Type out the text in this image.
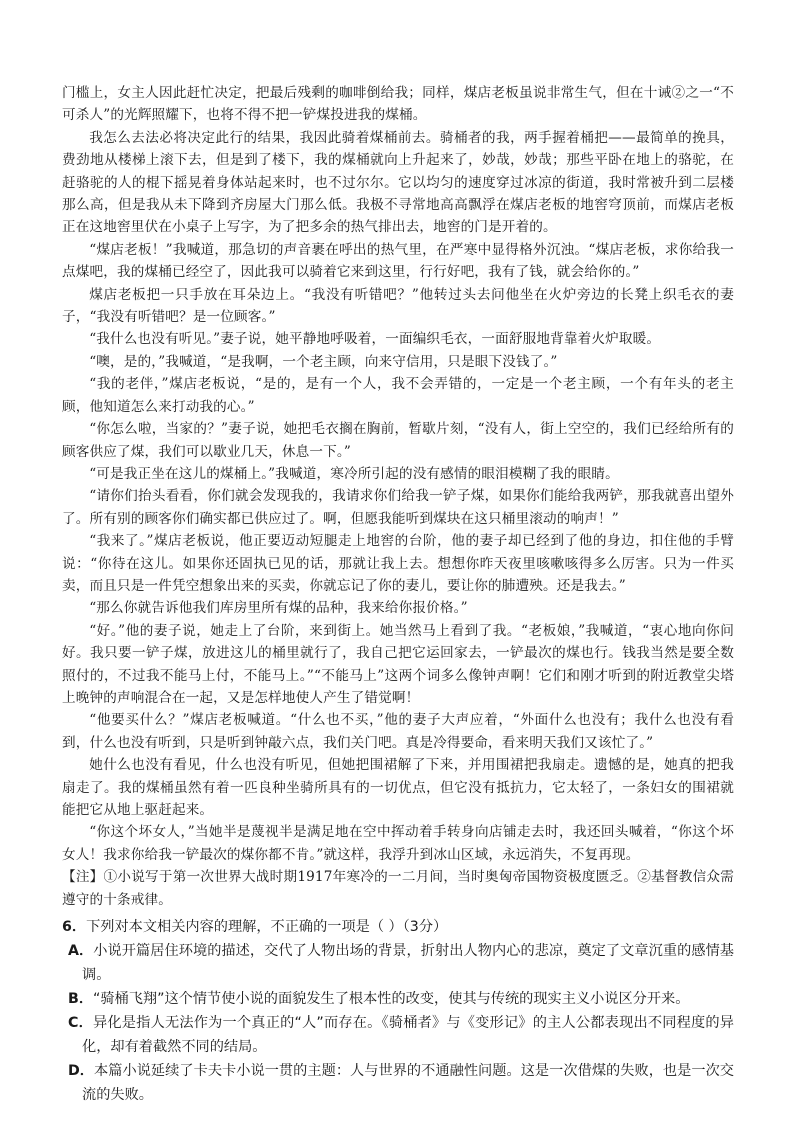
门槛上，女主人因此赶忙决定，把最后残剩的咖啡倒给我；同样，煤店老板虽说非常生气，但在十诫②之一“不可杀人”的光辉照耀下，也将不得不把一铲煤投进我的煤桶。

我怎么去法必将决定此行的结果，我因此骑着煤桶前去。骑桶者的我，两手握着桶把——最简单的挽具，费劲地从楼梯上滚下去，但是到了楼下，我的煤桶就向上升起来了，妙哉，妙哉；那些平卧在地上的骆驼，在赶骆驼的人的棍下摇晃着身体站起来时，也不过尔尔。它以均匀的速度穿过冰凉的街道，我时常被升到二层楼那么高，但是我从未下降到齐房屋大门那么低。我极不寻常地高高飘浮在煤店老板的地窖穹顶前，而煤店老板正在这地窖里伏在小桌子上写字，为了把多余的热气排出去，地窖的门是开着的。

“煤店老板！”我喊道，那急切的声音裹在呼出的热气里，在严寒中显得格外沉浊。“煤店老板，求你给我一点煤吧，我的煤桶已经空了，因此我可以骑着它来到这里，行行好吧，我有了钱，就会给你的。”

煤店老板把一只手放在耳朵边上。“我没有听错吧？”他转过头去问他坐在火炉旁边的长凳上织毛衣的妻子，“我没有听错吧？是一位顾客。”

“我什么也没有听见。”妻子说，她平静地呼吸着，一面编织毛衣，一面舒服地背靠着火炉取暖。

“噢，是的，”我喊道，“是我啊，一个老主顾，向来守信用，只是眼下没钱了。”

“我的老伴，”煤店老板说，“是的，是有一个人，我不会弄错的，一定是一个老主顾，一个有年头的老主顾，他知道怎么来打动我的心。”

“你怎么啦，当家的？”妻子说，她把毛衣搁在胸前，暂歇片刻，“没有人，街上空空的，我们已经给所有的顾客供应了煤，我们可以歇业几天，休息一下。”

“可是我正坐在这儿的煤桶上。”我喊道，寒冷所引起的没有感情的眼泪模糊了我的眼睛。

“请你们抬头看看，你们就会发现我的，我请求你们给我一铲子煤，如果你们能给我两铲，那我就喜出望外了。所有别的顾客你们确实都已供应过了。啊，但愿我能听到煤块在这只桶里滚动的响声！”

“我来了。”煤店老板说，他正要迈动短腿走上地窖的台阶，他的妻子却已经到了他的身边，扣住他的手臂说：“你待在这儿。如果你还固执已见的话，那就让我上去。想想你昨天夜里咳嗽咳得多么厉害。只为一件买卖，而且只是一件凭空想象出来的买卖，你就忘记了你的妻儿，要让你的肺遭殃。还是我去。”

“那么你就告诉他我们库房里所有煤的品种，我来给你报价格。”

“好。”他的妻子说，她走上了台阶，来到街上。她当然马上看到了我。“老板娘，”我喊道，“衷心地向你问好。我只要一铲子煤，放进这儿的桶里就行了，我自己把它运回家去，一铲最次的煤也行。钱我当然是要全数照付的，不过我不能马上付，不能马上。”“不能马上”这两个词多么像钟声啊！它们和刚才听到的附近教堂尖塔上晚钟的声响混合在一起，又是怎样地使人产生了错觉啊！

“他要买什么？”煤店老板喊道。“什么也不买，”他的妻子大声应着，“外面什么也没有；我什么也没有看到，什么也没有听到，只是听到钟敲六点，我们关门吧。真是冷得要命，看来明天我们又该忙了。”

她什么也没有看见，什么也没有听见，但她把围裙解了下来，并用围裙把我扇走。遗憾的是，她真的把我扇走了。我的煤桶虽然有着一匹良种坐骑所具有的一切优点，但它没有抵抗力，它太轻了，一条妇女的围裙就能把它从地上驱赶起来。

“你这个坏女人，”当她半是蔑视半是满足地在空中挥动着手转身向店铺走去时，我还回头喊着，“你这个坏女人！我求你给我一铲最次的煤你都不肯。”就这样，我浮升到冰山区域，永远消失，不复再现。

【注】①小说写于第一次世界大战时期1917年寒冷的一二月间，当时奥匈帝国物资极度匮乏。②基督教信众需遵守的十条戒律。

6．下列对本文相关内容的理解，不正确的一项是（ ）（3分）

A．小说开篇居住环境的描述，交代了人物出场的背景，折射出人物内心的悲凉，奠定了文章沉重的感情基调。
B．“骑桶飞翔”这个情节使小说的面貌发生了根本性的改变，使其与传统的现实主义小说区分开来。
C．异化是指人无法作为一个真正的“人”而存在。《骑桶者》与《变形记》的主人公都表现出不同程度的异化，却有着截然不同的结局。
D．本篇小说延续了卡夫卡小说一贯的主题：人与世界的不通融性问题。这是一次借煤的失败，也是一次交流的失败。
